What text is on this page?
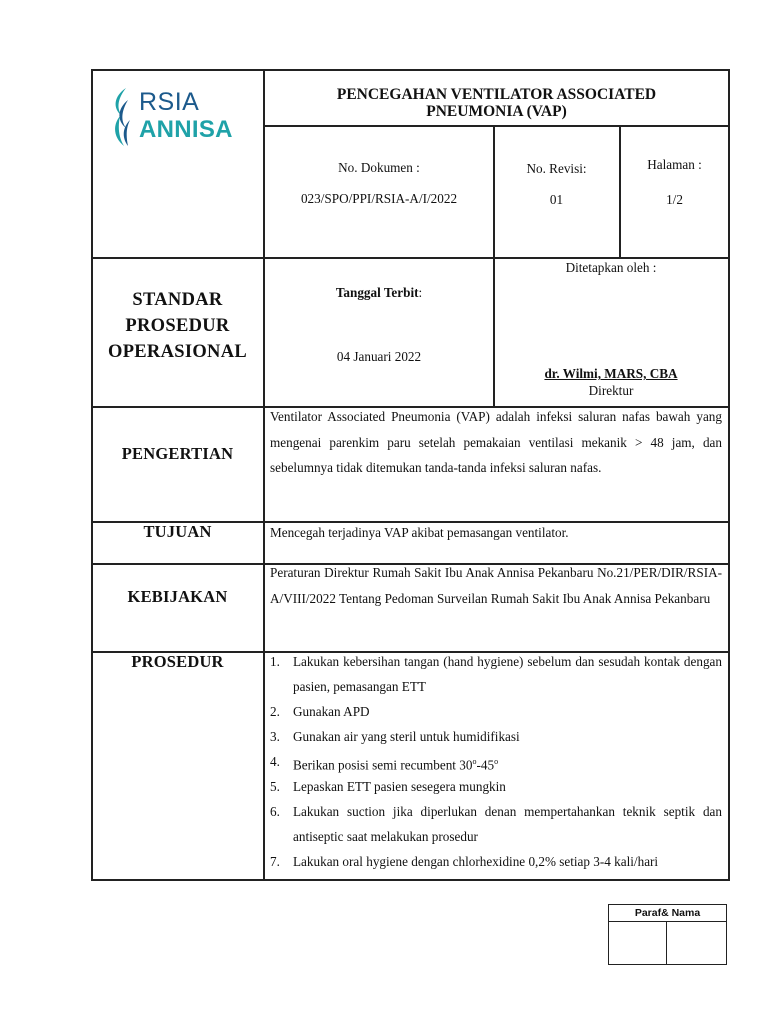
RSIA
ANNISA
PENCEGAHAN VENTILATOR ASSOCIATED
PNEUMONIA (VAP)
No. Dokumen :
023/SPO/PPI/RSIA-A/I/2022
No. Revisi:
01
Halaman :
1/2
STANDAR
PROSEDUR
OPERASIONAL
Tanggal Terbit:
04 Januari 2022
Ditetapkan oleh :
dr. Wilmi, MARS, CBA
Direktur
PENGERTIAN
Ventilator Associated Pneumonia (VAP) adalah infeksi saluran nafas bawah yang mengenai parenkim paru setelah pemakaian ventilasi mekanik > 48 jam, dan sebelumnya tidak ditemukan tanda-tanda infeksi saluran nafas.
TUJUAN	Mencegah terjadinya VAP akibat pemasangan ventilator.
KEBIJAKAN
Peraturan Direktur Rumah Sakit Ibu Anak Annisa Pekanbaru No.21/PER/DIR/RSIA-A/VIII/2022 Tentang Pedoman Surveilan Rumah Sakit Ibu Anak Annisa Pekanbaru
PROSEDUR	1. Lakukan kebersihan tangan (hand hygiene) sebelum dan sesudah kontak dengan pasien, pemasangan ETT
2. Gunakan APD
3. Gunakan air yang steril untuk humidifikasi
4. Berikan posisi semi recumbent 30$^o$-45$^o$
5. Lepaskan ETT pasien sesegera mungkin
6. Lakukan suction jika diperlukan denan mempertahankan teknik septik dan antiseptic saat melakukan prosedur
7. Lakukan oral hygiene dengan chlorhexidine 0,2% setiap 3-4 kali/hari
Paraf& Nama
